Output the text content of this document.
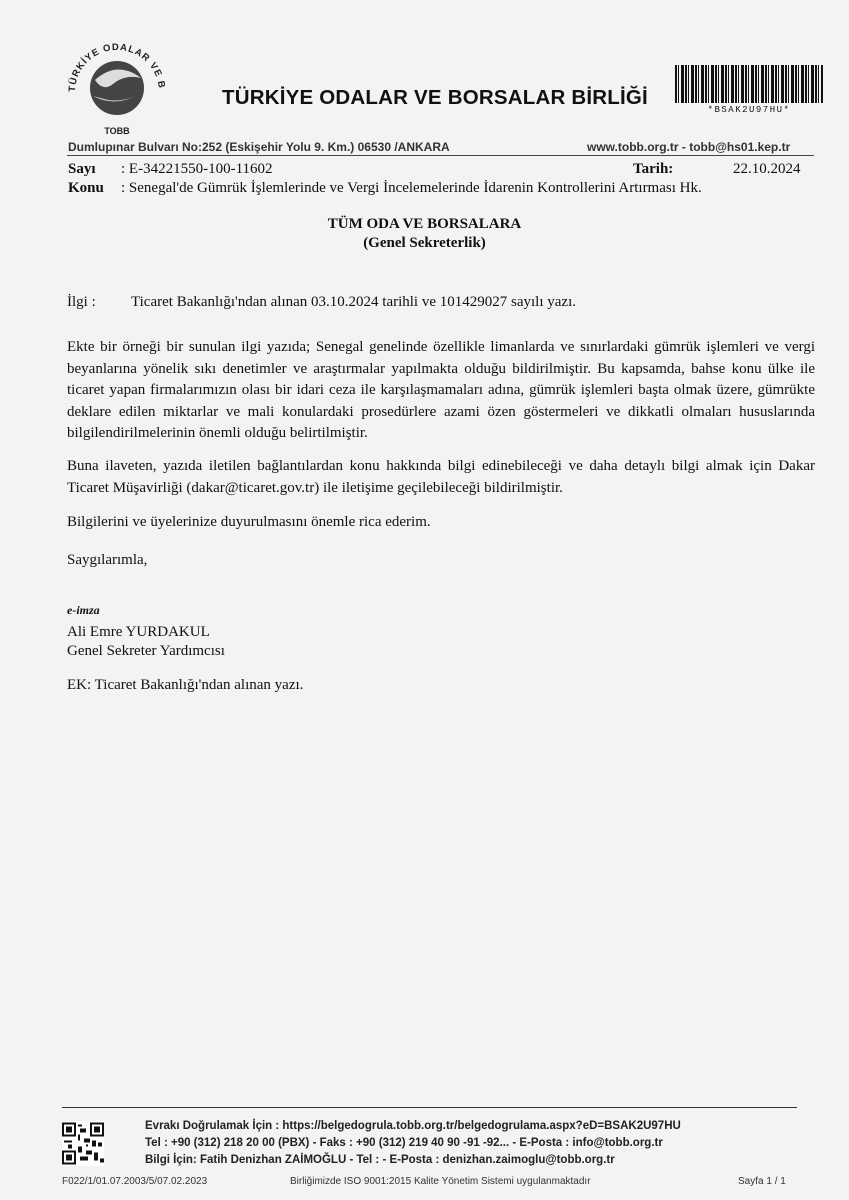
TÜRKİYE ODALAR VE B
TOBB
TÜRKİYE ODALAR VE BORSALAR BİRLİĞİ
*BSAK2U97HU*
Dumlupınar Bulvarı No:252 (Eskişehir Yolu 9. Km.) 06530 /ANKARA	www.tobb.org.tr - tobb@hs01.kep.tr
Sayı : E-34221550-100-11602	Tarih:	22.10.2024
Konu : Senegal'de Gümrük İşlemlerinde ve Vergi İncelemelerinde İdarenin Kontrollerini Artırması Hk.
TÜM ODA VE BORSALARA
(Genel Sekreterlik)
İlgi : Ticaret Bakanlığı'ndan alınan 03.10.2024 tarihli ve 101429027 sayılı yazı.
Ekte bir örneği bir sunulan ilgi yazıda; Senegal genelinde özellikle limanlarda ve sınırlardaki gümrük işlemleri ve vergi beyanlarına yönelik sıkı denetimler ve araştırmalar yapılmakta olduğu bildirilmiştir. Bu kapsamda, bahse konu ülke ile ticaret yapan firmalarımızın olası bir idari ceza ile karşılaşmamaları adına, gümrük işlemleri başta olmak üzere, gümrükte deklare edilen miktarlar ve mali konulardaki prosedürlere azami özen göstermeleri ve dikkatli olmaları hususlarında bilgilendirilmelerinin önemli olduğu belirtilmiştir.
Buna ilaveten, yazıda iletilen bağlantılardan konu hakkında bilgi edinebileceği ve daha detaylı bilgi almak için Dakar Ticaret Müşavirliği (dakar@ticaret.gov.tr) ile iletişime geçilebileceği bildirilmiştir.
Bilgilerini ve üyelerinize duyurulmasını önemle rica ederim.
Saygılarımla,
e-imza
Ali Emre YURDAKUL
Genel Sekreter Yardımcısı
EK: Ticaret Bakanlığı'ndan alınan yazı.
Evrakı Doğrulamak İçin : https://belgedogrula.tobb.org.tr/belgedogrulama.aspx?eD=BSAK2U97HU
Tel : +90 (312) 218 20 00 (PBX) - Faks : +90 (312) 219 40 90 -91 -92... - E-Posta : info@tobb.org.tr
Bilgi İçin: Fatih Denizhan ZAİMOĞLU - Tel : - E-Posta : denizhan.zaimoglu@tobb.org.tr
F022/1/01.07.2003/5/07.02.2023	Birliğimizde ISO 9001:2015 Kalite Yönetim Sistemi uygulanmaktadır	Sayfa 1 / 1
